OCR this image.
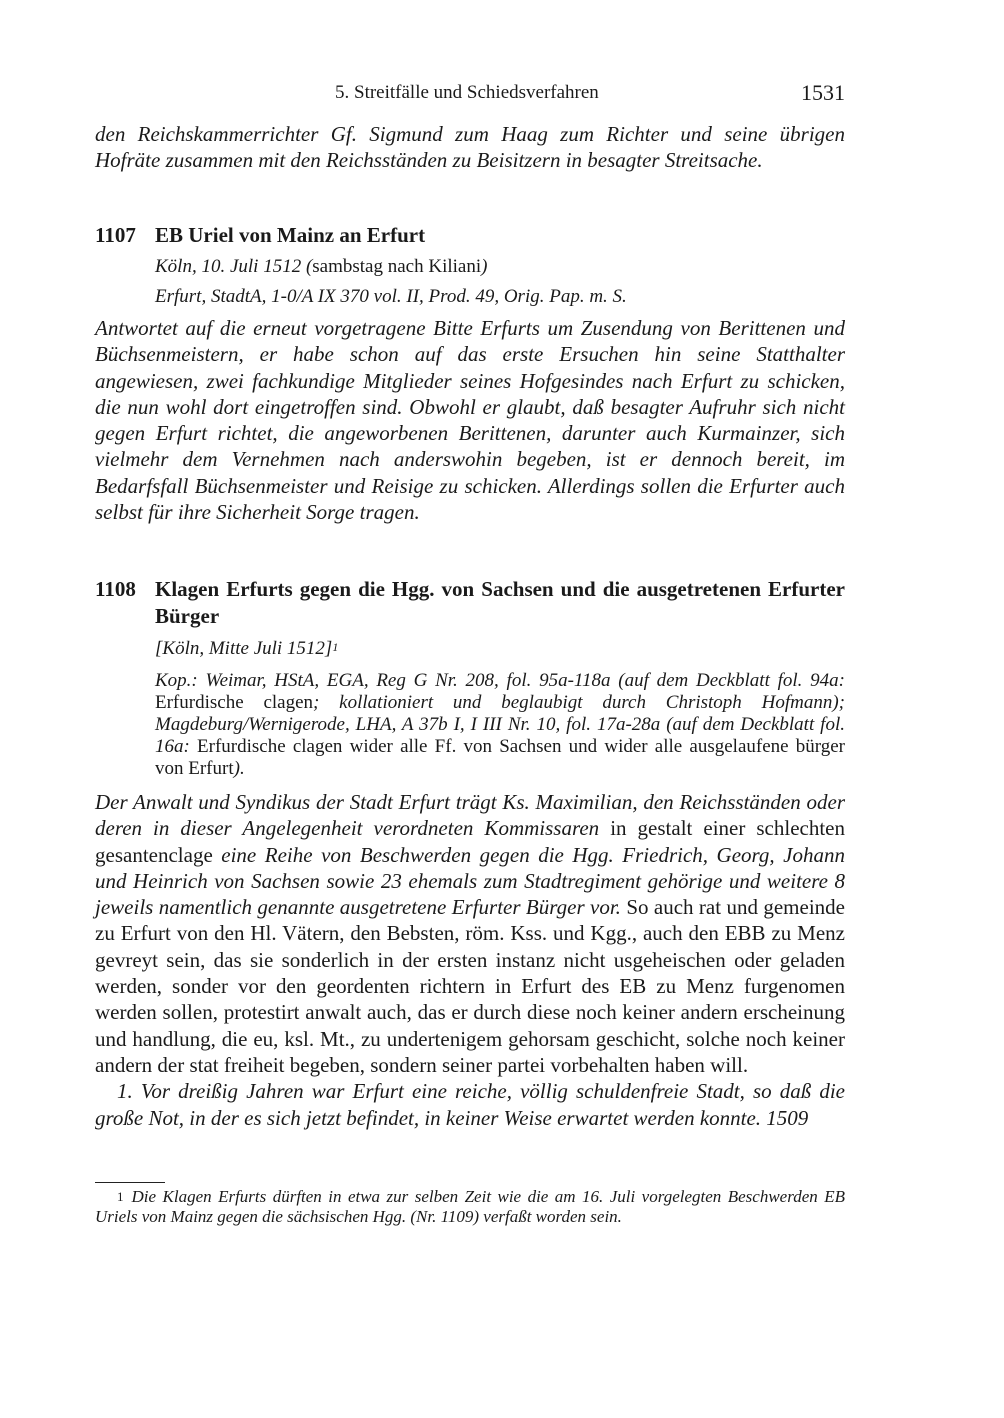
5. Streitfälle und Schiedsverfahren	1531
den Reichskammerrichter Gf. Sigmund zum Haag zum Richter und seine übrigen Hofräte zusammen mit den Reichsständen zu Beisitzern in besagter Streitsache.
1107 EB Uriel von Mainz an Erfurt
Köln, 10. Juli 1512 (sambstag nach Kiliani)
Erfurt, StadtA, 1-0/A IX 370 vol. II, Prod. 49, Orig. Pap. m. S.
Antwortet auf die erneut vorgetragene Bitte Erfurts um Zusendung von Berittenen und Büchsenmeistern, er habe schon auf das erste Ersuchen hin seine Statthalter angewiesen, zwei fachkundige Mitglieder seines Hofgesindes nach Erfurt zu schicken, die nun wohl dort eingetroffen sind. Obwohl er glaubt, daß besagter Aufruhr sich nicht gegen Erfurt richtet, die angeworbenen Berittenen, darunter auch Kurmainzer, sich vielmehr dem Vernehmen nach anderswohin begeben, ist er dennoch bereit, im Bedarfsfall Büchsenmeister und Reisige zu schicken. Allerdings sollen die Erfurter auch selbst für ihre Sicherheit Sorge tragen.
1108 Klagen Erfurts gegen die Hgg. von Sachsen und die ausgetretenen Erfurter Bürger
[Köln, Mitte Juli 1512]$^1$
Kop.: Weimar, HStA, EGA, Reg G Nr. 208, fol. 95a-118a (auf dem Deckblatt fol. 94a: Erfurdische clagen; kollationiert und beglaubigt durch Christoph Hofmann); Magdeburg/Wernigerode, LHA, A 37b I, I III Nr. 10, fol. 17a-28a (auf dem Deckblatt fol. 16a: Erfurdische clagen wider alle Ff. von Sachsen und wider alle ausgelaufene bürger von Erfurt).
Der Anwalt und Syndikus der Stadt Erfurt trägt Ks. Maximilian, den Reichsständen oder deren in dieser Angelegenheit verordneten Kommissaren in gestalt einer schlechten gesantenclage eine Reihe von Beschwerden gegen die Hgg. Friedrich, Georg, Johann und Heinrich von Sachsen sowie 23 ehemals zum Stadtregiment gehörige und weitere 8 jeweils namentlich genannte ausgetretene Erfurter Bürger vor. So auch rat und gemeinde zu Erfurt von den Hl. Vätern, den Bebsten, röm. Kss. und Kgg., auch den EBB zu Menz gevreyt sein, das sie sonderlich in der ersten instanz nicht usgeheischen oder geladen werden, sonder vor den geordenten richtern in Erfurt des EB zu Menz furgenomen werden sollen, protestirt anwalt auch, das er durch diese noch keiner andern erscheinung und handlung, die eu, ksl. Mt., zu undertenigem gehorsam geschicht, solche noch keiner andern der stat freiheit begeben, sondern seiner partei vorbehalten haben will.
1. Vor dreißig Jahren war Erfurt eine reiche, völlig schuldenfreie Stadt, so daß die große Not, in der es sich jetzt befindet, in keiner Weise erwartet werden konnte. 1509
$^1$ Die Klagen Erfurts dürften in etwa zur selben Zeit wie die am 16. Juli vorgelegten Beschwerden EB Uriels von Mainz gegen die sächsischen Hgg. (Nr. 1109) verfaßt worden sein.
